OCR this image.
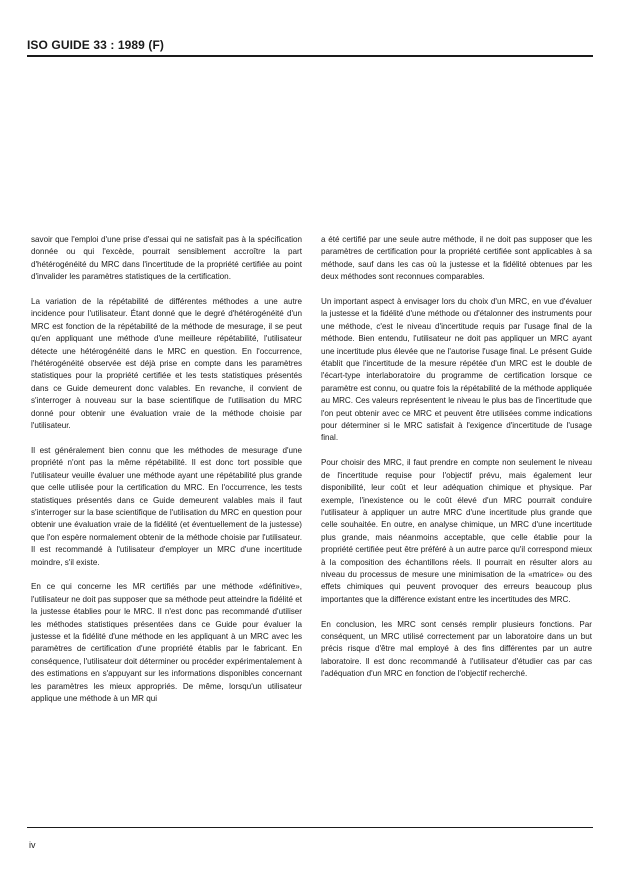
ISO GUIDE 33 : 1989 (F)

savoir que l'emploi d'une prise d'essai qui ne satisfait pas à la spécification donnée ou qui l'excède, pourrait sensiblement accroître la part d'hétérogénéité du MRC dans l'incertitude de la propriété certifiée au point d'invalider les paramètres statistiques de la certification.

La variation de la répétabilité de différentes méthodes a une autre incidence pour l'utilisateur. Étant donné que le degré d'hétérogénéité d'un MRC est fonction de la répétabilité de la méthode de mesurage, il se peut qu'en appliquant une méthode d'une meilleure répétabilité, l'utilisateur détecte une hétérogénéité dans le MRC en question. En l'occurrence, l'hétérogénéité observée est déjà prise en compte dans les paramètres statistiques pour la propriété certifiée et les tests statistiques présentés dans ce Guide demeurent donc valables. En revanche, il convient de s'interroger à nouveau sur la base scientifique de l'utilisation du MRC donné pour obtenir une évaluation vraie de la méthode choisie par l'utilisateur.

Il est généralement bien connu que les méthodes de mesurage d'une propriété n'ont pas la même répétabilité. Il est donc tort possible que l'utilisateur veuille évaluer une méthode ayant une répétabilité plus grande que celle utilisée pour la certification du MRC. En l'occurrence, les tests statistiques présentés dans ce Guide demeurent valables mais il faut s'interroger sur la base scientifique de l'utilisation du MRC en question pour obtenir une évaluation vraie de la fidélité (et éventuellement de la justesse) que l'on espère normalement obtenir de la méthode choisie par l'utilisateur. Il est recommandé à l'utilisateur d'employer un MRC d'une incertitude moindre, s'il existe.

En ce qui concerne les MR certifiés par une méthode «définitive», l'utilisateur ne doit pas supposer que sa méthode peut atteindre la fidélité et la justesse établies pour le MRC. Il n'est donc pas recommandé d'utiliser les méthodes statistiques présentées dans ce Guide pour évaluer la justesse et la fidélité d'une méthode en les appliquant à un MRC avec les paramètres de certification d'une propriété établis par le fabricant. En conséquence, l'utilisateur doit déterminer ou procéder expérimentalement à des estimations en s'appuyant sur les informations disponibles concernant les paramètres les mieux appropriés. De même, lorsqu'un utilisateur applique une méthode à un MR qui

a été certifié par une seule autre méthode, il ne doit pas supposer que les paramètres de certification pour la propriété certifiée sont applicables à sa méthode, sauf dans les cas où la justesse et la fidélité obtenues par les deux méthodes sont reconnues comparables.

Un important aspect à envisager lors du choix d'un MRC, en vue d'évaluer la justesse et la fidélité d'une méthode ou d'étalonner des instruments pour une méthode, c'est le niveau d'incertitude requis par l'usage final de la méthode. Bien entendu, l'utilisateur ne doit pas appliquer un MRC ayant une incertitude plus élevée que ne l'autorise l'usage final. Le présent Guide établit que l'incertitude de la mesure répétée d'un MRC est le double de l'écart-type interlaboratoire du programme de certification lorsque ce paramètre est connu, ou quatre fois la répétabilité de la méthode appliquée au MRC. Ces valeurs représentent le niveau le plus bas de l'incertitude que l'on peut obtenir avec ce MRC et peuvent être utilisées comme indications pour déterminer si le MRC satisfait à l'exigence d'incertitude de l'usage final.

Pour choisir des MRC, il faut prendre en compte non seulement le niveau de l'incertitude requise pour l'objectif prévu, mais également leur disponibilité, leur coût et leur adéquation chimique et physique. Par exemple, l'inexistence ou le coût élevé d'un MRC pourrait conduire l'utilisateur à appliquer un autre MRC d'une incertitude plus grande que celle souhaitée. En outre, en analyse chimique, un MRC d'une incertitude plus grande, mais néanmoins acceptable, que celle établie pour la propriété certifiée peut être préféré à un autre parce qu'il correspond mieux à la composition des échantillons réels. Il pourrait en résulter alors au niveau du processus de mesure une minimisation de la «matrice» ou des effets chimiques qui peuvent provoquer des erreurs beaucoup plus importantes que la différence existant entre les incertitudes des MRC.

En conclusion, les MRC sont censés remplir plusieurs fonctions. Par conséquent, un MRC utilisé correctement par un laboratoire dans un but précis risque d'être mal employé à des fins différentes par un autre laboratoire. Il est donc recommandé à l'utilisateur d'étudier cas par cas l'adéquation d'un MRC en fonction de l'objectif recherché.

iv
